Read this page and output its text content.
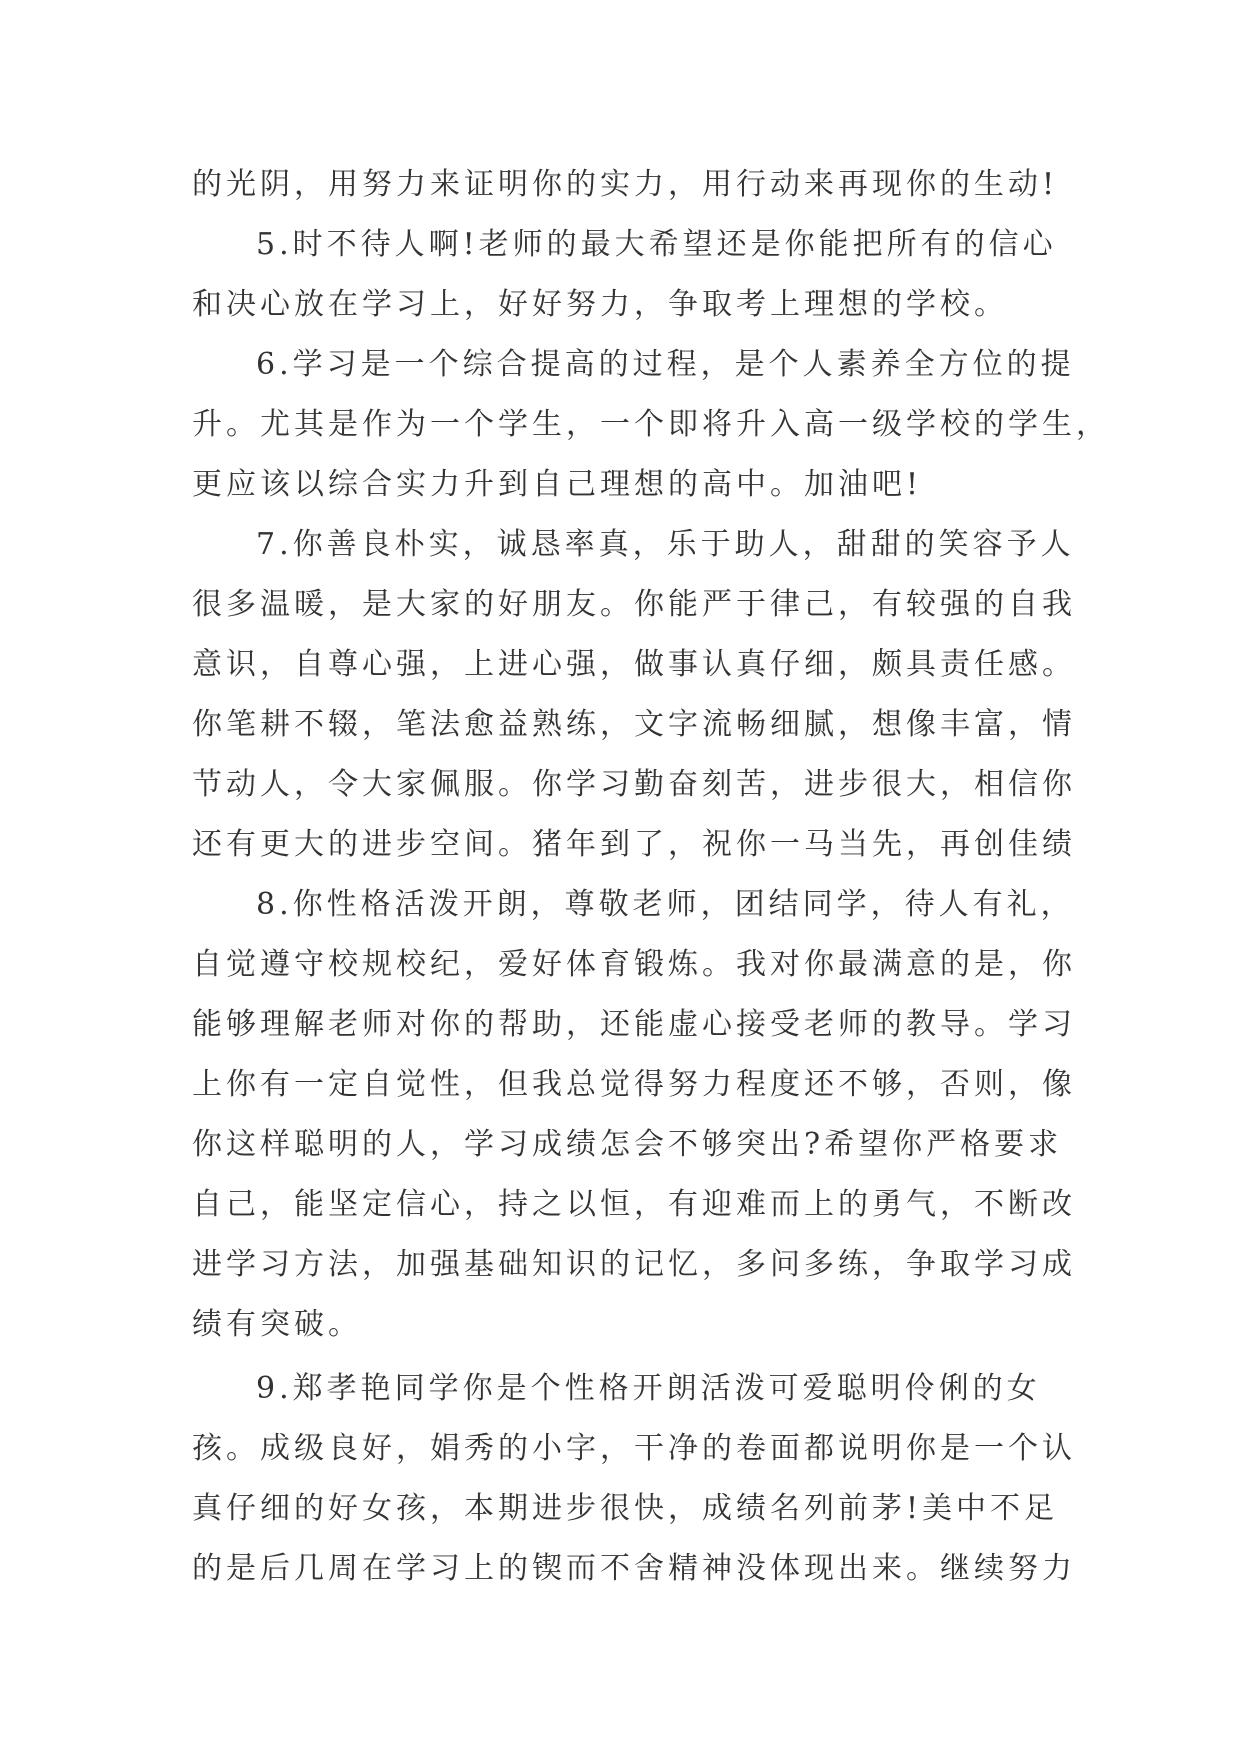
的光阴，用努力来证明你的实力，用行动来再现你的生动!
5.时不待人啊!老师的最大希望还是你能把所有的信心
和决心放在学习上，好好努力，争取考上理想的学校。
6.学习是一个综合提高的过程，是个人素养全方位的提
升。尤其是作为一个学生，一个即将升入高一级学校的学生，
更应该以综合实力升到自己理想的高中。加油吧!
7.你善良朴实，诚恳率真，乐于助人，甜甜的笑容予人
很多温暖，是大家的好朋友。你能严于律己，有较强的自我
意识，自尊心强，上进心强，做事认真仔细，颇具责任感。
你笔耕不辍，笔法愈益熟练，文字流畅细腻，想像丰富，情
节动人，令大家佩服。你学习勤奋刻苦，进步很大，相信你
还有更大的进步空间。猪年到了，祝你一马当先，再创佳绩
8.你性格活泼开朗，尊敬老师，团结同学，待人有礼，
自觉遵守校规校纪，爱好体育锻炼。我对你最满意的是，你
能够理解老师对你的帮助，还能虚心接受老师的教导。学习
上你有一定自觉性，但我总觉得努力程度还不够，否则，像
你这样聪明的人，学习成绩怎会不够突出?希望你严格要求
自己，能坚定信心，持之以恒，有迎难而上的勇气，不断改
进学习方法，加强基础知识的记忆，多问多练，争取学习成
绩有突破。
9.郑孝艳同学你是个性格开朗活泼可爱聪明伶俐的女
孩。成级良好，娟秀的小字，干净的卷面都说明你是一个认
真仔细的好女孩，本期进步很快，成绩名列前茅!美中不足
的是后几周在学习上的锲而不舍精神没体现出来。继续努力
